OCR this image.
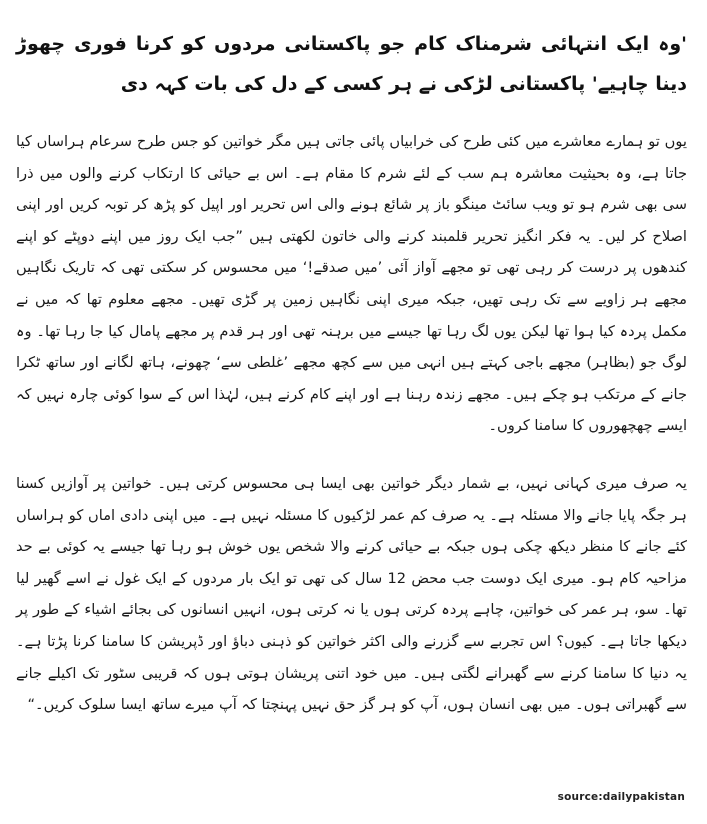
'وہ ایک انتہائی شرمناک کام جو پاکستانی مردوں کو کرنا فوری چھوڑ دینا چاہیے' پاکستانی لڑکی نے ہر کسی کے دل کی بات کہہ دی

یوں تو ہمارے معاشرے میں کئی طرح کی خرابیاں پائی جاتی ہیں مگر خواتین کو جس طرح سرعام ہراساں کیا جاتا ہے، وہ بحیثیت معاشرہ ہم سب کے لئے شرم کا مقام ہے۔ اس بے حیائی کا ارتکاب کرنے والوں میں ذرا سی بھی شرم ہو تو ویب سائٹ مینگو باز پر شائع ہونے والی اس تحریر اور اپیل کو پڑھ کر توبہ کریں اور اپنی اصلاح کر لیں۔ یہ فکر انگیز تحریر قلمبند کرنے والی خاتون لکھتی ہیں ”جب ایک روز میں اپنے دوپٹے کو اپنے کندھوں پر درست کر رہی تھی تو مجھے آواز آئی ’میں صدقے!‘ میں محسوس کر سکتی تھی کہ تاریک نگاہیں مجھے ہر زاویے سے تک رہی تھیں، جبکہ میری اپنی نگاہیں زمین پر گڑی تھیں۔ مجھے معلوم تھا کہ میں نے مکمل پردہ کیا ہوا تھا لیکن یوں لگ رہا تھا جیسے میں برہنہ تھی اور ہر قدم پر مجھے پامال کیا جا رہا تھا۔ وہ لوگ جو (بظاہر) مجھے باجی کہتے ہیں انہی میں سے کچھ مجھے ’غلطی سے‘ چھونے، ہاتھ لگانے اور ساتھ ٹکرا جانے کے مرتکب ہو چکے ہیں۔ مجھے زندہ رہنا ہے اور اپنے کام کرنے ہیں، لہٰذا اس کے سوا کوئی چارہ نہیں کہ ایسے چھچھوروں کا سامنا کروں۔

یہ صرف میری کہانی نہیں، بے شمار دیگر خواتین بھی ایسا ہی محسوس کرتی ہیں۔ خواتین پر آوازیں کسنا ہر جگہ پایا جانے والا مسئلہ ہے۔ یہ صرف کم عمر لڑکیوں کا مسئلہ نہیں ہے۔ میں اپنی دادی اماں کو ہراساں کئے جانے کا منظر دیکھ چکی ہوں جبکہ بے حیائی کرنے والا شخص یوں خوش ہو رہا تھا جیسے یہ کوئی بے حد مزاحیہ کام ہو۔ میری ایک دوست جب محض 12 سال کی تھی تو ایک بار مردوں کے ایک غول نے اسے گھیر لیا تھا۔ سو، ہر عمر کی خواتین، چاہے پردہ کرتی ہوں یا نہ کرتی ہوں، انہیں انسانوں کی بجائے اشیاء کے طور پر دیکھا جاتا ہے۔ کیوں؟ اس تجربے سے گزرنے والی اکثر خواتین کو ذہنی دباؤ اور ڈپریشن کا سامنا کرنا پڑتا ہے۔ یہ دنیا کا سامنا کرنے سے گھبرانے لگتی ہیں۔ میں خود اتنی پریشان ہوتی ہوں کہ قریبی سٹور تک اکیلے جانے سے گھبراتی ہوں۔ میں بھی انسان ہوں، آپ کو ہر گز حق نہیں پہنچتا کہ آپ میرے ساتھ ایسا سلوک کریں۔“

source:dailypakistan
